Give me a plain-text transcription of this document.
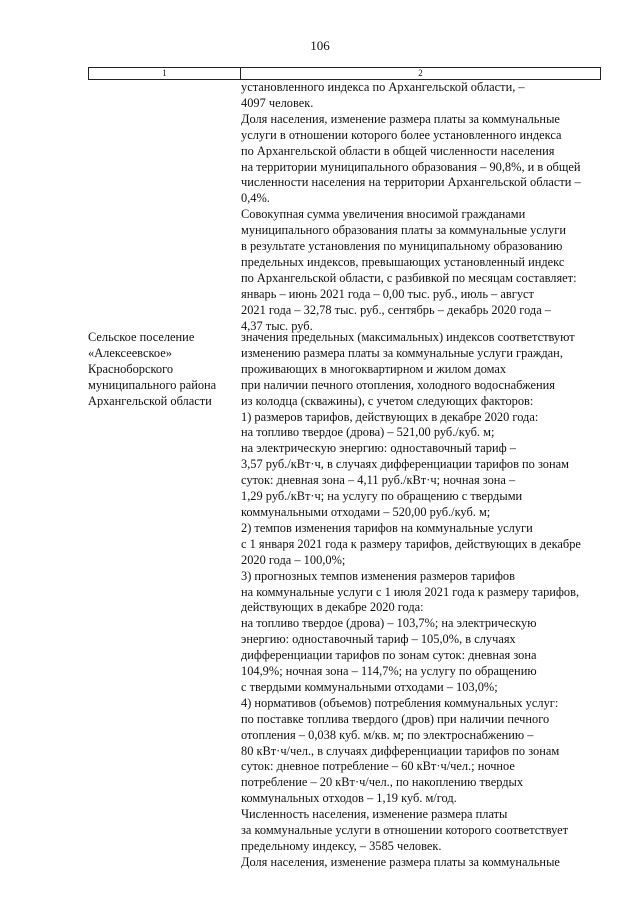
106
1	2
установленного индекса по Архангельской области, –
4097 человек.
Доля населения, изменение размера платы за коммунальные
услуги в отношении которого более установленного индекса
по Архангельской области в общей численности населения
на территории муниципального образования – 90,8%, и в общей
численности населения на территории Архангельской области –
0,4%.
Совокупная сумма увеличения вносимой гражданами
муниципального образования платы за коммунальные услуги
в результате установления по муниципальному образованию
предельных индексов, превышающих установленный индекс
по Архангельской области, с разбивкой по месяцам составляет:
январь – июнь 2021 года – 0,00 тыс. руб., июль – август
2021 года – 32,78 тыс. руб., сентябрь – декабрь 2020 года –
4,37 тыс. руб.
Сельское поселение
«Алексеевское»
Красноборского
муниципального района
Архангельской области
значения предельных (максимальных) индексов соответствуют
изменению размера платы за коммунальные услуги граждан,
проживающих в многоквартирном и жилом домах
при наличии печного отопления, холодного водоснабжения
из колодца (скважины), с учетом следующих факторов:
1) размеров тарифов, действующих в декабре 2020 года:
на топливо твердое (дрова) – 521,00 руб./куб. м;
на электрическую энергию: одноставочный тариф –
3,57 руб./кВт·ч, в случаях дифференциации тарифов по зонам
суток: дневная зона – 4,11 руб./кВт·ч; ночная зона –
1,29 руб./кВт·ч; на услугу по обращению с твердыми
коммунальными отходами – 520,00 руб./куб. м;
2) темпов изменения тарифов на коммунальные услуги
с 1 января 2021 года к размеру тарифов, действующих в декабре
2020 года – 100,0%;
3) прогнозных темпов изменения размеров тарифов
на коммунальные услуги с 1 июля 2021 года к размеру тарифов,
действующих в декабре 2020 года:
на топливо твердое (дрова) – 103,7%; на электрическую
энергию: одноставочный тариф – 105,0%, в случаях
дифференциации тарифов по зонам суток: дневная зона
104,9%; ночная зона – 114,7%; на услугу по обращению
с твердыми коммунальными отходами – 103,0%;
4) нормативов (объемов) потребления коммунальных услуг:
по поставке топлива твердого (дров) при наличии печного
отопления – 0,038 куб. м/кв. м; по электроснабжению –
80 кВт·ч/чел., в случаях дифференциации тарифов по зонам
суток: дневное потребление – 60 кВт·ч/чел.; ночное
потребление – 20 кВт·ч/чел., по накоплению твердых
коммунальных отходов – 1,19 куб. м/год.
Численность населения, изменение размера платы
за коммунальные услуги в отношении которого соответствует
предельному индексу, – 3585 человек.
Доля населения, изменение размера платы за коммунальные
